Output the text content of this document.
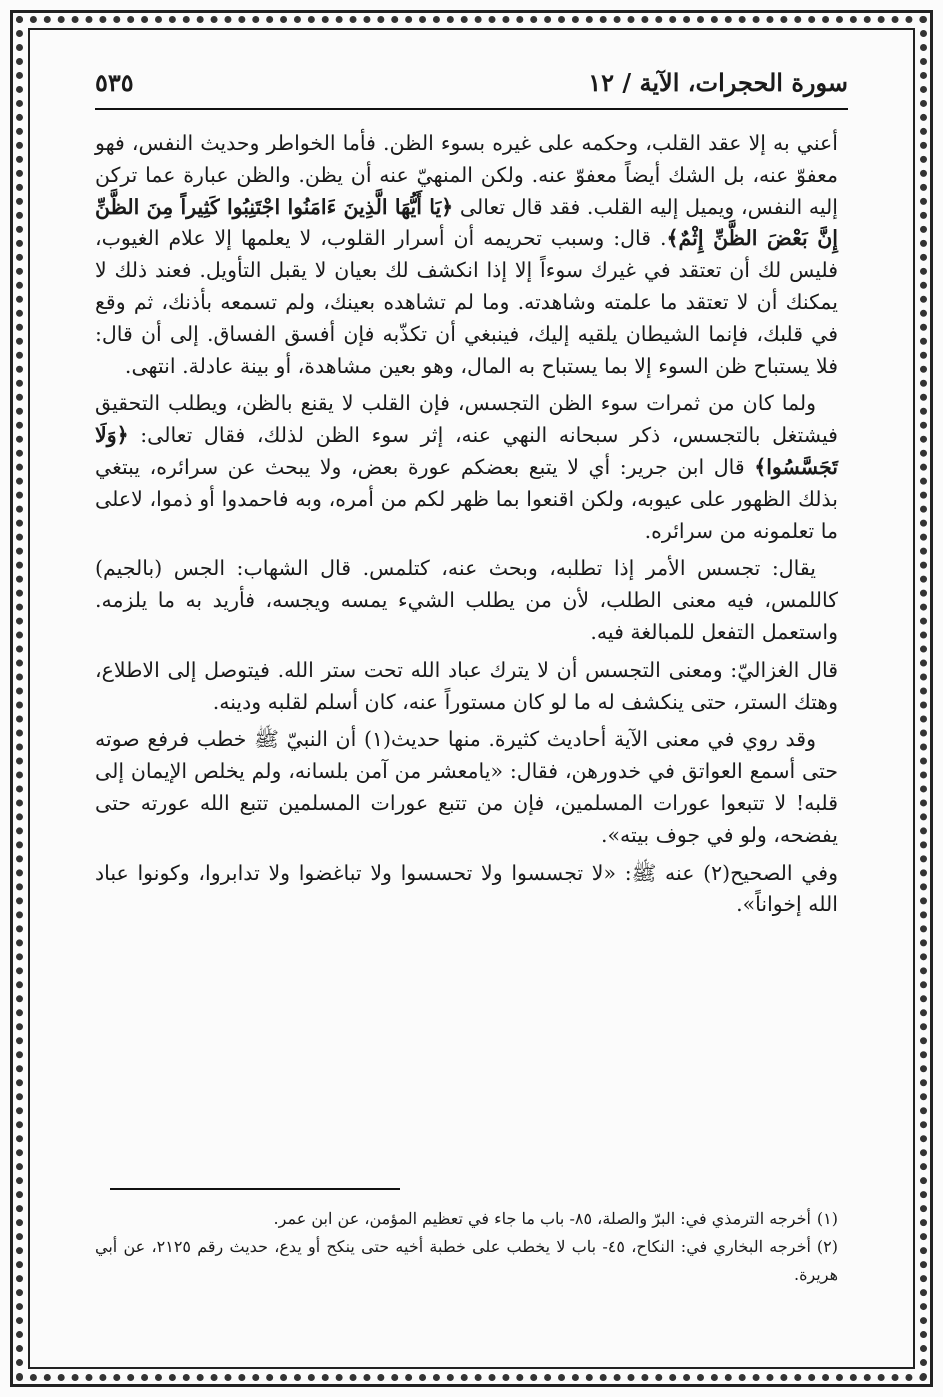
سورة الحجرات، الآية / ١٢
٥٣٥

أعني به إلا عقد القلب، وحكمه على غيره بسوء الظن. فأما الخواطر وحديث النفس، فهو معفوّ عنه، بل الشك أيضاً معفوّ عنه. ولكن المنهيّ عنه أن يظن. والظن عبارة عما تركن إليه النفس، ويميل إليه القلب. فقد قال تعالى ﴿يَا أَيُّهَا الَّذِينَ ءَامَنُوا اجْتَنِبُوا كَثِيراً مِنَ الظَّنِّ إِنَّ بَعْضَ الظَّنِّ إِثْمٌ﴾. قال: وسبب تحريمه أن أسرار القلوب، لا يعلمها إلا علام الغيوب، فليس لك أن تعتقد في غيرك سوءاً إلا إذا انكشف لك بعيان لا يقبل التأويل. فعند ذلك لا يمكنك أن لا تعتقد ما علمته وشاهدته. وما لم تشاهده بعينك، ولم تسمعه بأذنك، ثم وقع في قلبك، فإنما الشيطان يلقيه إليك، فينبغي أن تكذّبه فإن أفسق الفساق. إلى أن قال: فلا يستباح ظن السوء إلا بما يستباح به المال، وهو بعين مشاهدة، أو بينة عادلة. انتهى.

ولما كان من ثمرات سوء الظن التجسس، فإن القلب لا يقنع بالظن، ويطلب التحقيق فيشتغل بالتجسس، ذكر سبحانه النهي عنه، إثر سوء الظن لذلك، فقال تعالى: ﴿وَلَا تَجَسَّسُوا﴾ قال ابن جرير: أي لا يتبع بعضكم عورة بعض، ولا يبحث عن سرائره، يبتغي بذلك الظهور على عيوبه، ولكن اقنعوا بما ظهر لكم من أمره، وبه فاحمدوا أو ذموا، لاعلى ما تعلمونه من سرائره.

يقال: تجسس الأمر إذا تطلبه، وبحث عنه، كتلمس. قال الشهاب: الجس (بالجيم) كاللمس، فيه معنى الطلب، لأن من يطلب الشيء يمسه ويجسه، فأريد به ما يلزمه. واستعمل التفعل للمبالغة فيه.

قال الغزاليّ: ومعنى التجسس أن لا يترك عباد الله تحت ستر الله. فيتوصل إلى الاطلاع، وهتك الستر، حتى ينكشف له ما لو كان مستوراً عنه، كان أسلم لقلبه ودينه.

وقد روي في معنى الآية أحاديث كثيرة. منها حديث(١) أن النبيّ ﷺ خطب فرفع صوته حتى أسمع العواتق في خدورهن، فقال: «يامعشر من آمن بلسانه، ولم يخلص الإيمان إلى قلبه! لا تتبعوا عورات المسلمين، فإن من تتبع عورات المسلمين تتبع الله عورته حتى يفضحه، ولو في جوف بيته».

وفي الصحيح(٢) عنه ﷺ: «لا تجسسوا ولا تحسسوا ولا تباغضوا ولا تدابروا، وكونوا عباد الله إخواناً».

(١)أخرجه الترمذي في: البرّ والصلة، ٨٥- باب ما جاء في تعظيم المؤمن، عن ابن عمر.

(٢)أخرجه البخاري في: النكاح، ٤٥- باب لا يخطب على خطبة أخيه حتى ينكح أو يدع، حديث رقم ٢١٢٥، عن أبي هريرة.
